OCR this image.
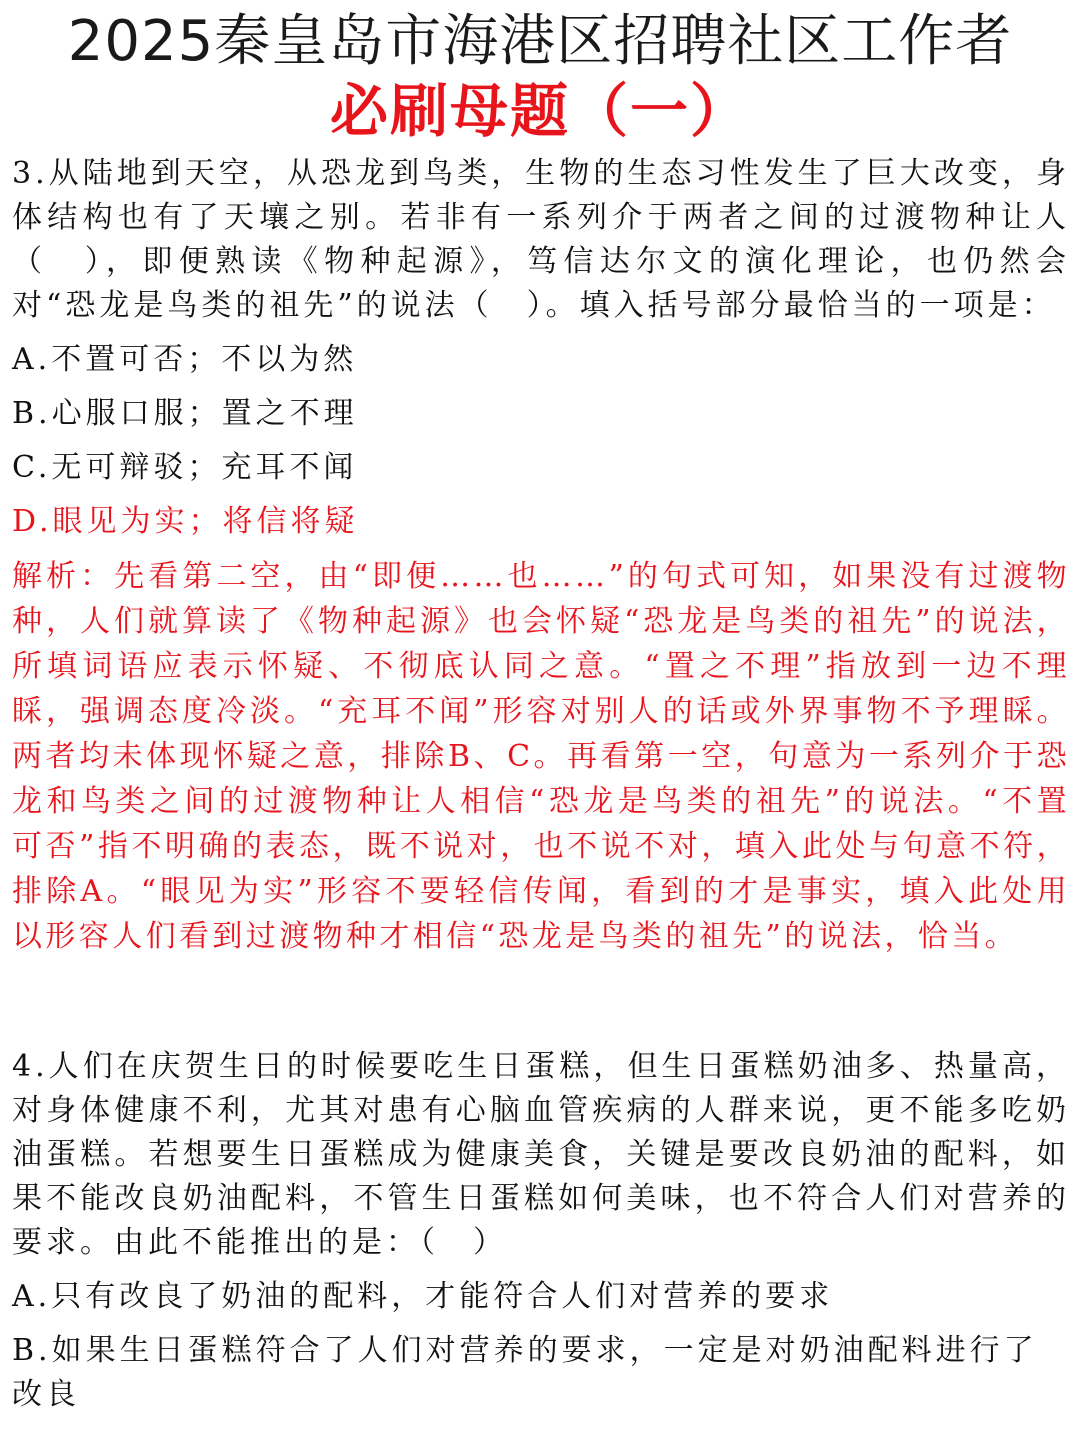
2025秦皇岛市海港区招聘社区工作者
必刷母题（一）

3.从陆地到天空，从恐龙到鸟类，生物的生态习性发生了巨大改变，身体结构也有了天壤之别。若非有一系列介于两者之间的过渡物种让人（　），即便熟读《物种起源》，笃信达尔文的演化理论，也仍然会对“恐龙是鸟类的祖先”的说法（　）。填入括号部分最恰当的一项是：

A.不置可否；不以为然
B.心服口服；置之不理
C.无可辩驳；充耳不闻
D.眼见为实；将信将疑

解析：先看第二空，由“即便……也……”的句式可知，如果没有过渡物种，人们就算读了《物种起源》也会怀疑“恐龙是鸟类的祖先”的说法，所填词语应表示怀疑、不彻底认同之意。“置之不理”指放到一边不理睬，强调态度冷淡。“充耳不闻”形容对别人的话或外界事物不予理睬。两者均未体现怀疑之意，排除B、C。再看第一空，句意为一系列介于恐龙和鸟类之间的过渡物种让人相信“恐龙是鸟类的祖先”的说法。“不置可否”指不明确的表态，既不说对，也不说不对，填入此处与句意不符，排除A。“眼见为实”形容不要轻信传闻，看到的才是事实，填入此处用以形容人们看到过渡物种才相信“恐龙是鸟类的祖先”的说法，恰当。

4.人们在庆贺生日的时候要吃生日蛋糕，但生日蛋糕奶油多、热量高，对身体健康不利，尤其对患有心脑血管疾病的人群来说，更不能多吃奶油蛋糕。若想要生日蛋糕成为健康美食，关键是要改良奶油的配料，如果不能改良奶油配料，不管生日蛋糕如何美味，也不符合人们对营养的要求。由此不能推出的是：（　）

A.只有改良了奶油的配料，才能符合人们对营养的要求
B.如果生日蛋糕符合了人们对营养的要求，一定是对奶油配料进行了改良
